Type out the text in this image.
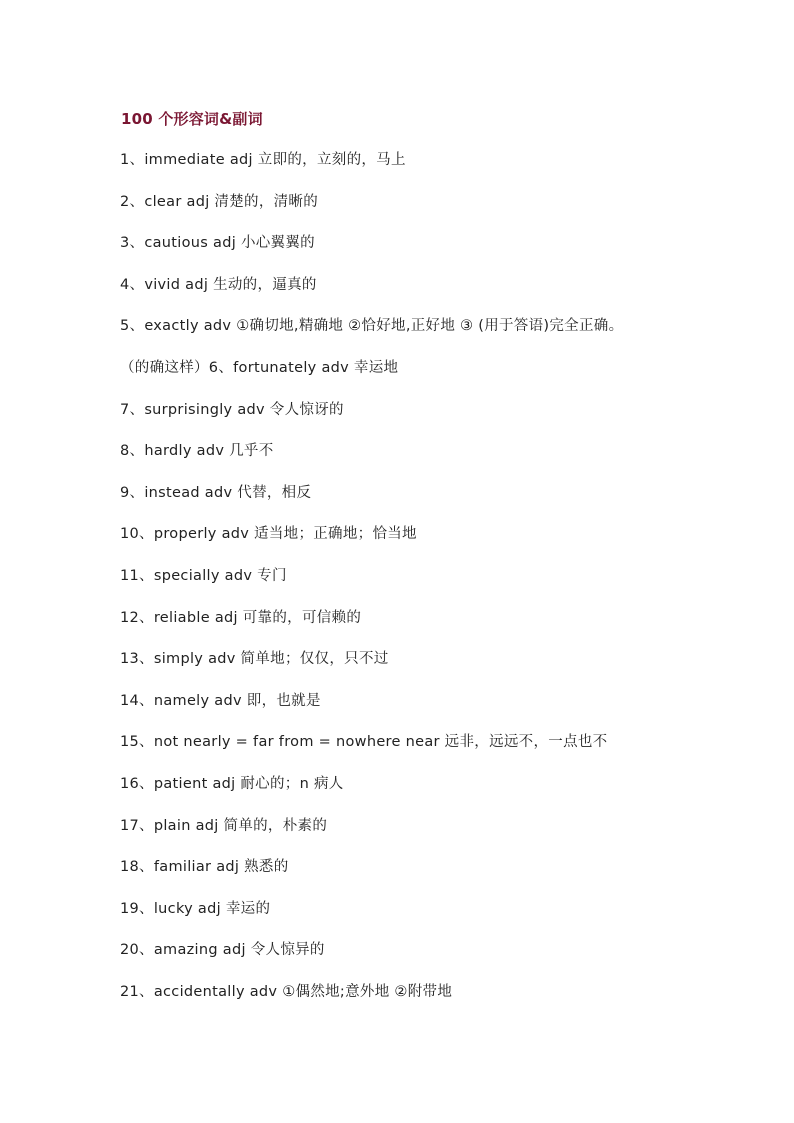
100 个形容词&副词
1、immediate adj 立即的，立刻的，马上
2、clear adj 清楚的，清晰的
3、cautious adj 小心翼翼的
4、vivid adj 生动的，逼真的
5、exactly adv ①确切地,精确地 ②恰好地,正好地 ③ (用于答语)完全正确。
（的确这样）6、fortunately adv 幸运地
7、surprisingly adv 令人惊讶的
8、hardly adv 几乎不
9、instead adv 代替，相反
10、properly adv 适当地；正确地；恰当地
11、specially adv 专门
12、reliable adj 可靠的，可信赖的
13、simply adv 简单地；仅仅，只不过
14、namely adv 即，也就是
15、not nearly = far from = nowhere near 远非，远远不，一点也不
16、patient adj 耐心的；n 病人
17、plain adj 简单的，朴素的
18、familiar adj 熟悉的
19、lucky adj 幸运的
20、amazing adj 令人惊异的
21、accidentally adv ①偶然地;意外地 ②附带地
